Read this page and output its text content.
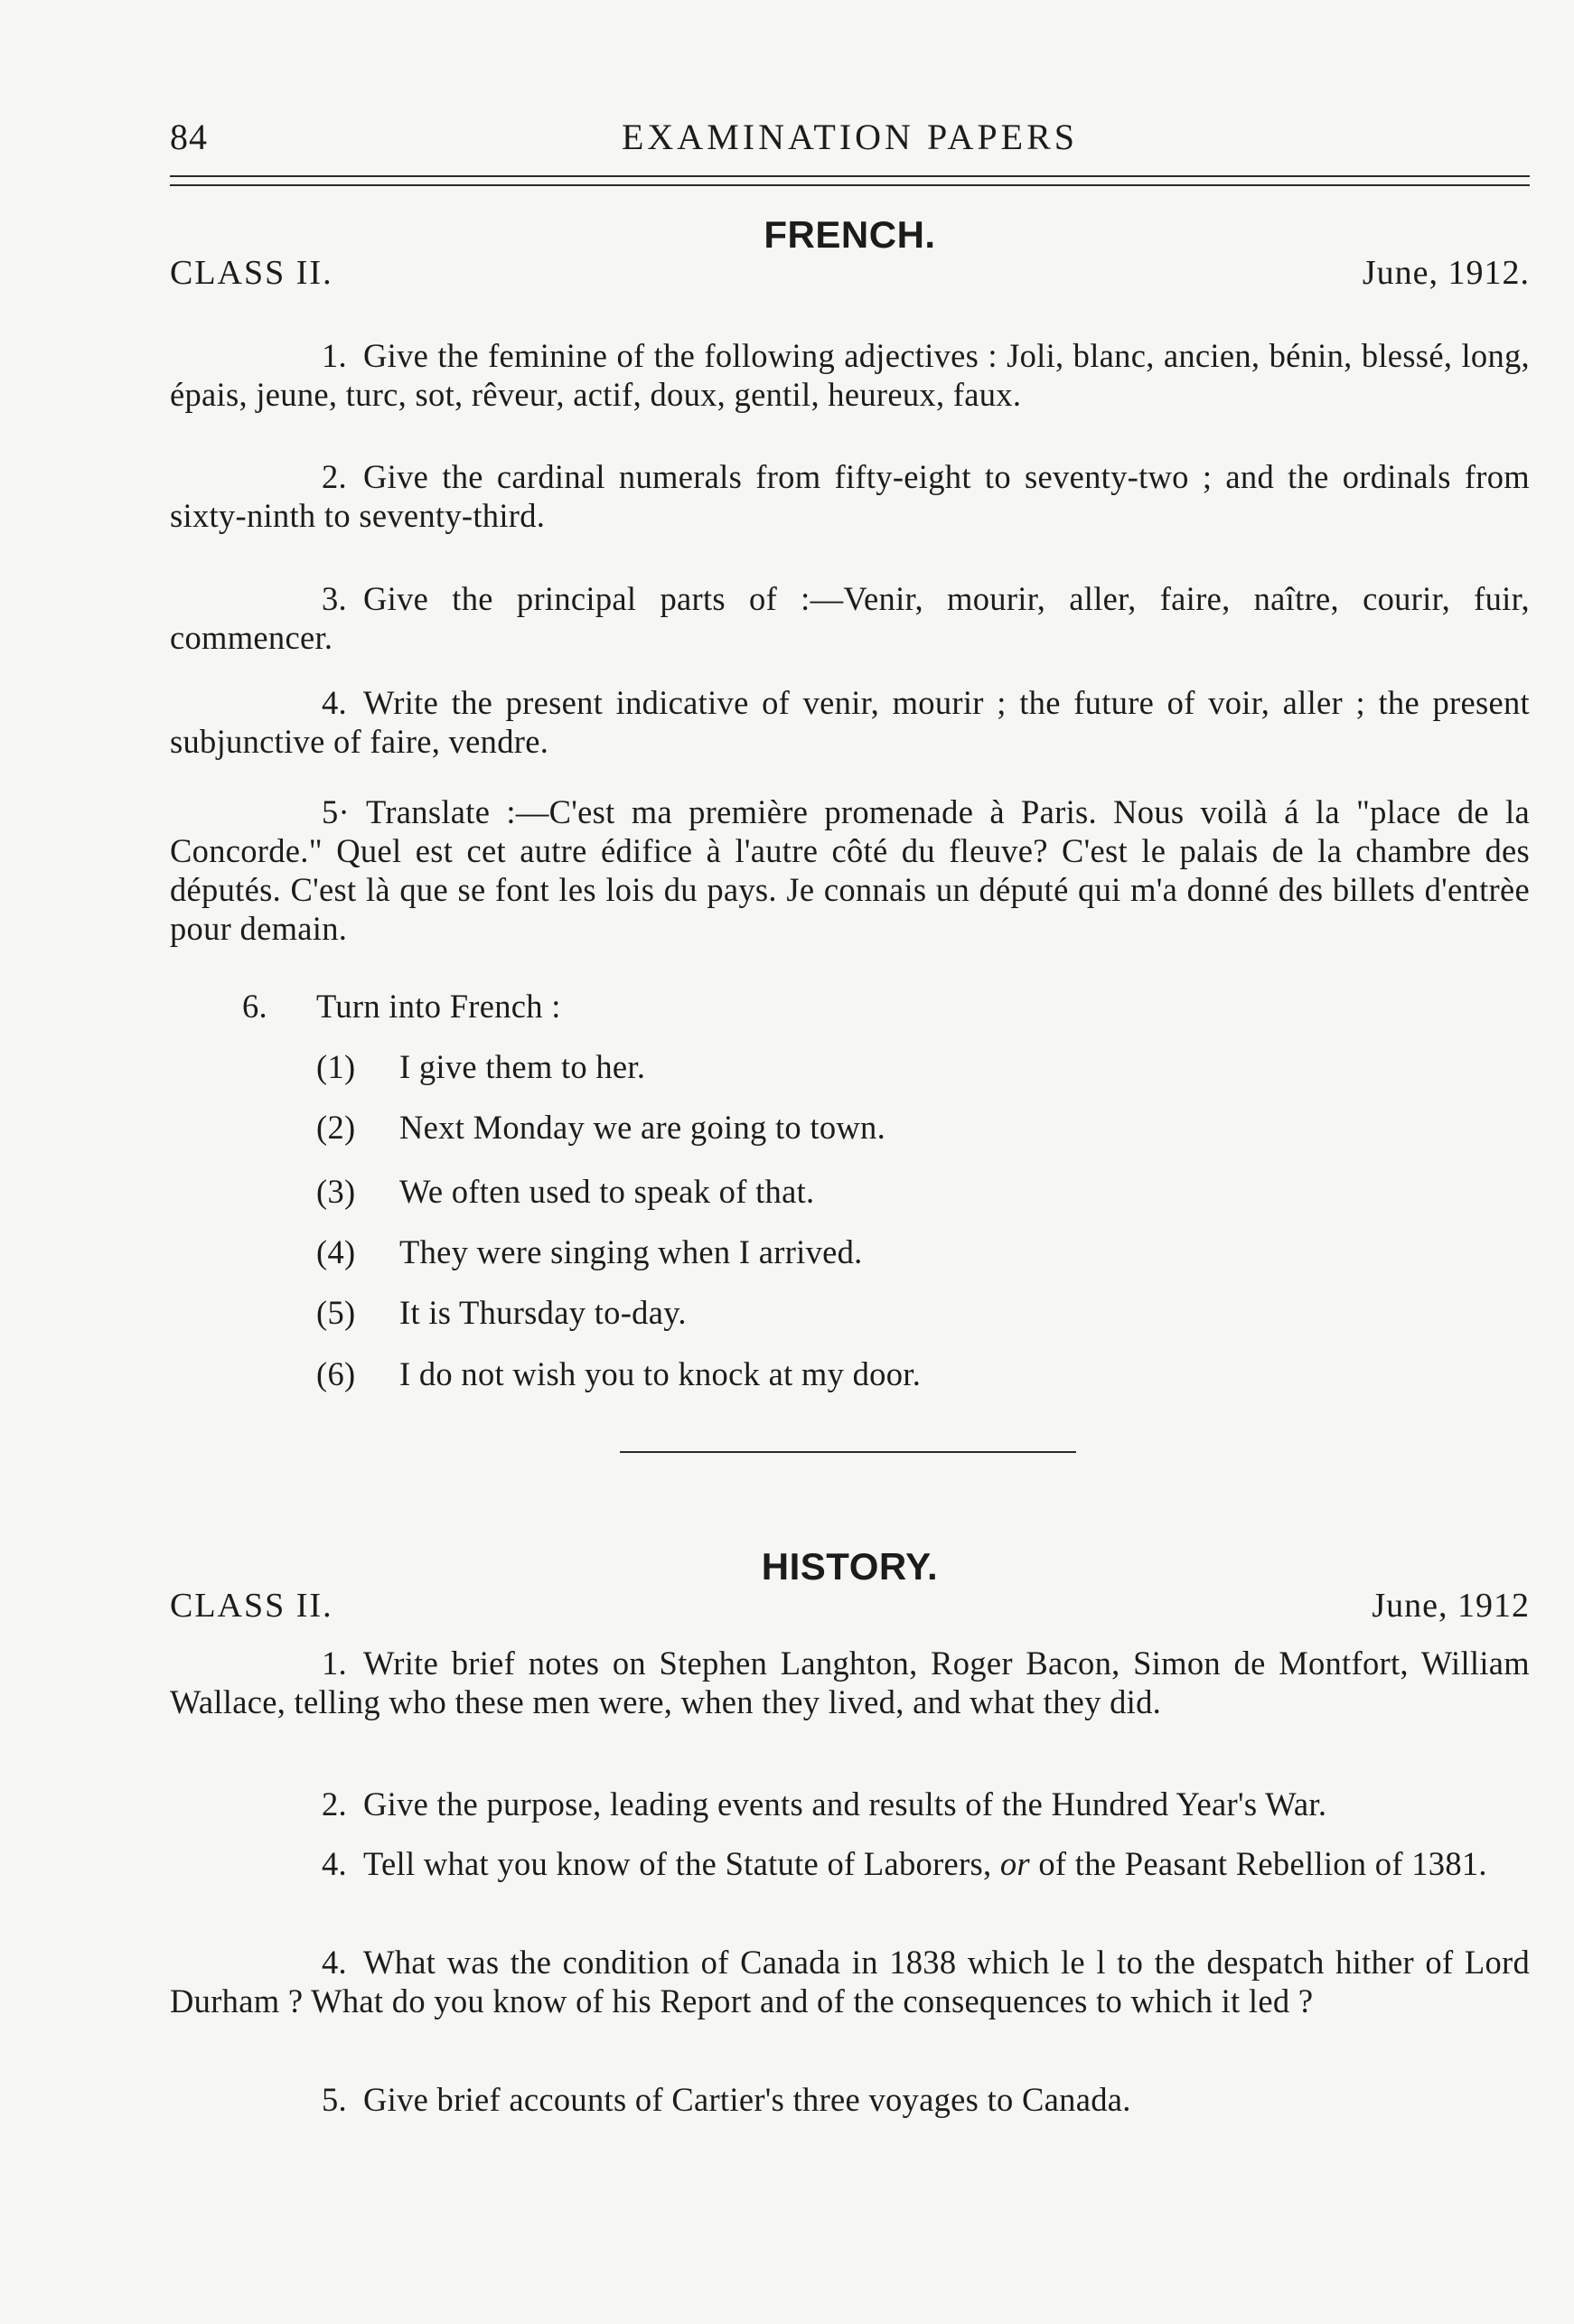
84	EXAMINATION PAPERS
FRENCH.
CLASS II.	June, 1912.
1. Give the feminine of the following adjectives : Joli, blanc, ancien, bénin, blessé, long, épais, jeune, turc, sot, rêveur, actif, doux, gentil, heureux, faux.
2. Give the cardinal numerals from fifty-eight to seventy-two ; and the ordinals from sixty-ninth to seventy-third.
3. Give the principal parts of :—Venir, mourir, aller, faire, naître, courir, fuir, commencer.
4. Write the present indicative of venir, mourir ; the future of voir, aller ; the present subjunctive of faire, vendre.
5· Translate :—C'est ma première promenade à Paris. Nous voilà á la "place de la Concorde." Quel est cet autre édifice à l'autre côté du fleuve? C'est le palais de la chambre des députés. C'est là que se font les lois du pays. Je connais un député qui m'a donné des billets d'entrèe pour demain.
6. Turn into French :
(1) I give them to her.
(2) Next Monday we are going to town.
(3) We often used to speak of that.
(4) They were singing when I arrived.
(5) It is Thursday to-day.
(6) I do not wish you to knock at my door.
HISTORY.
CLASS II.	June, 1912
1. Write brief notes on Stephen Langhton, Roger Bacon, Simon de Montfort, William Wallace, telling who these men were, when they lived, and what they did.
2. Give the purpose, leading events and results of the Hundred Year's War.
4. Tell what you know of the Statute of Laborers, or of the Peasant Rebellion of 1381.
4. What was the condition of Canada in 1838 which le l to the despatch hither of Lord Durham ? What do you know of his Report and of the consequences to which it led ?
5. Give brief accounts of Cartier's three voyages to Canada.
